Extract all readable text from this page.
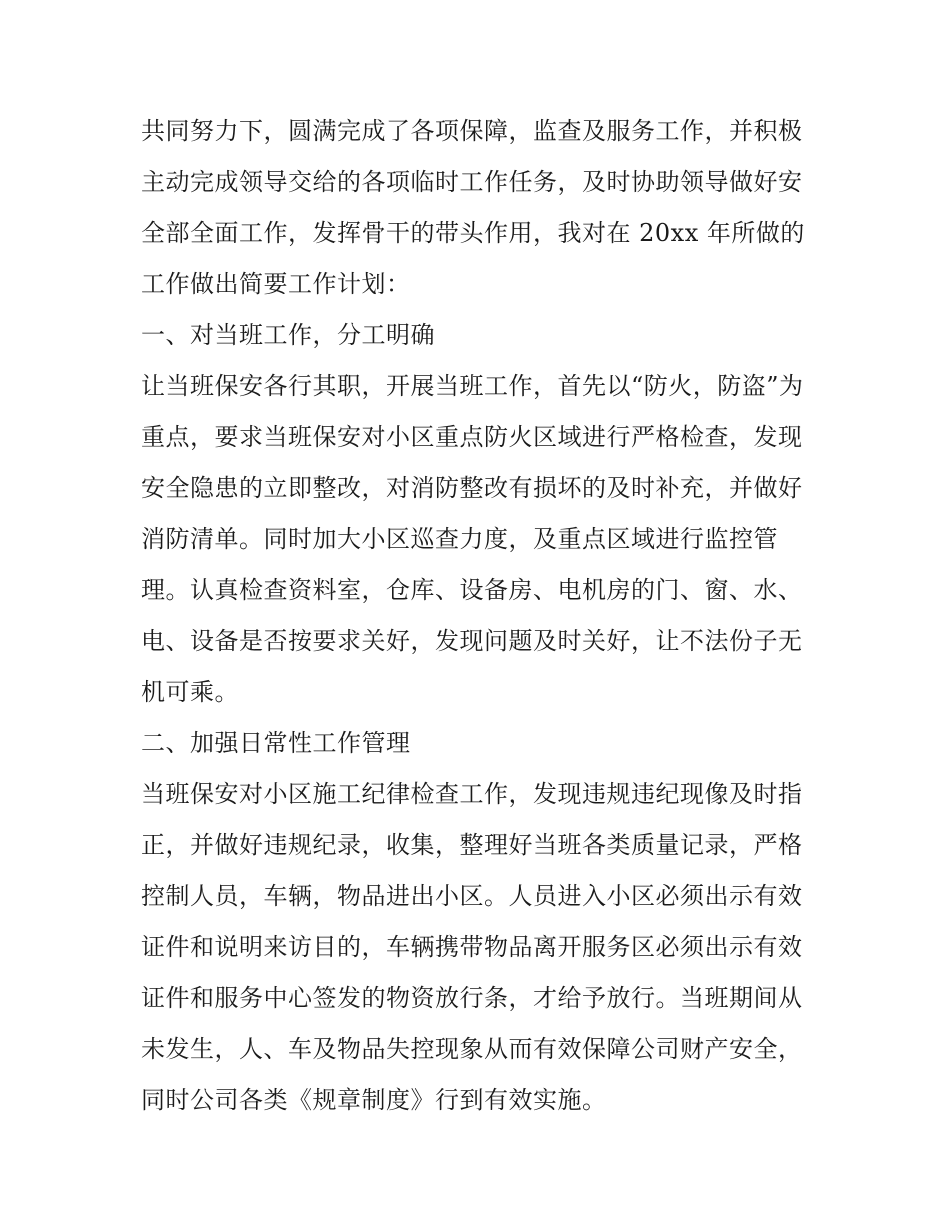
共同努力下，圆满完成了各项保障，监查及服务工作，并积极
主动完成领导交给的各项临时工作任务，及时协助领导做好安
全部全面工作，发挥骨干的带头作用，我对在 20xx 年所做的
工作做出简要工作计划：
一、对当班工作，分工明确
让当班保安各行其职，开展当班工作，首先以“防火，防盗”为
重点，要求当班保安对小区重点防火区域进行严格检查，发现
安全隐患的立即整改，对消防整改有损坏的及时补充，并做好
消防清单。同时加大小区巡查力度，及重点区域进行监控管
理。认真检查资料室，仓库、设备房、电机房的门、窗、水、
电、设备是否按要求关好，发现问题及时关好，让不法份子无
机可乘。
二、加强日常性工作管理
当班保安对小区施工纪律检查工作，发现违规违纪现像及时指
正，并做好违规纪录，收集，整理好当班各类质量记录，严格
控制人员，车辆，物品进出小区。人员进入小区必须出示有效
证件和说明来访目的，车辆携带物品离开服务区必须出示有效
证件和服务中心签发的物资放行条，才给予放行。当班期间从
未发生，人、车及物品失控现象从而有效保障公司财产安全，
同时公司各类《规章制度》行到有效实施。
